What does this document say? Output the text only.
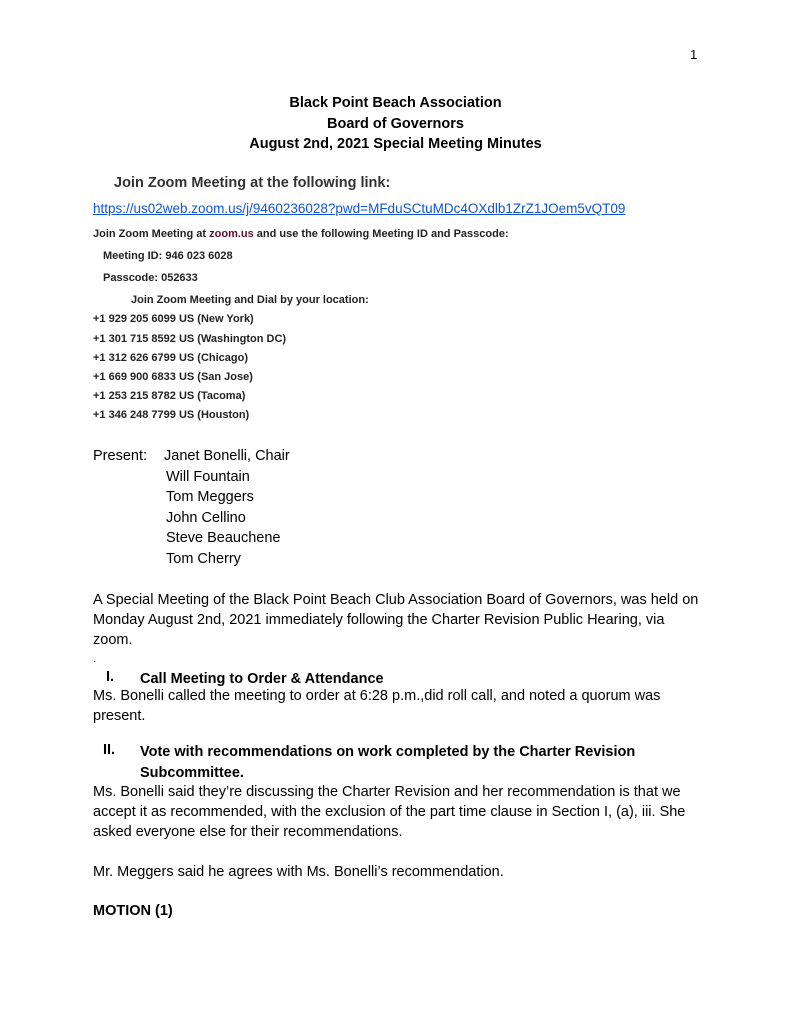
1
Black Point Beach Association
Board of Governors
August 2nd, 2021 Special Meeting Minutes
Join Zoom Meeting at the following link:
https://us02web.zoom.us/j/9460236028?pwd=MFduSCtuMDc4OXdlb1ZrZ1JOem5vQT09
Join Zoom Meeting at zoom.us and use the following Meeting ID and Passcode:
Meeting ID: 946 023 6028
Passcode: 052633
Join Zoom Meeting and Dial by your location:
+1 929 205 6099 US (New York)
+1 301 715 8592 US (Washington DC)
+1 312 626 6799 US (Chicago)
+1 669 900 6833 US (San Jose)
+1 253 215 8782 US (Tacoma)
+1 346 248 7799 US (Houston)
Present: Janet Bonelli, Chair
Will Fountain
Tom Meggers
John Cellino
Steve Beauchene
Tom Cherry
A Special Meeting of the Black Point Beach Club Association Board of Governors, was held on Monday August 2nd, 2021 immediately following the Charter Revision Public Hearing, via zoom.
.
I. Call Meeting to Order & Attendance
Ms. Bonelli called the meeting to order at 6:28 p.m.,did roll call, and noted a quorum was present.
II. Vote with recommendations on work completed by the Charter Revision
Subcommittee.
Ms. Bonelli said they’re discussing the Charter Revision and her recommendation is that we accept it as recommended, with the exclusion of the part time clause in Section I, (a), iii. She asked everyone else for their recommendations.
Mr. Meggers said he agrees with Ms. Bonelli’s recommendation.
MOTION (1)
